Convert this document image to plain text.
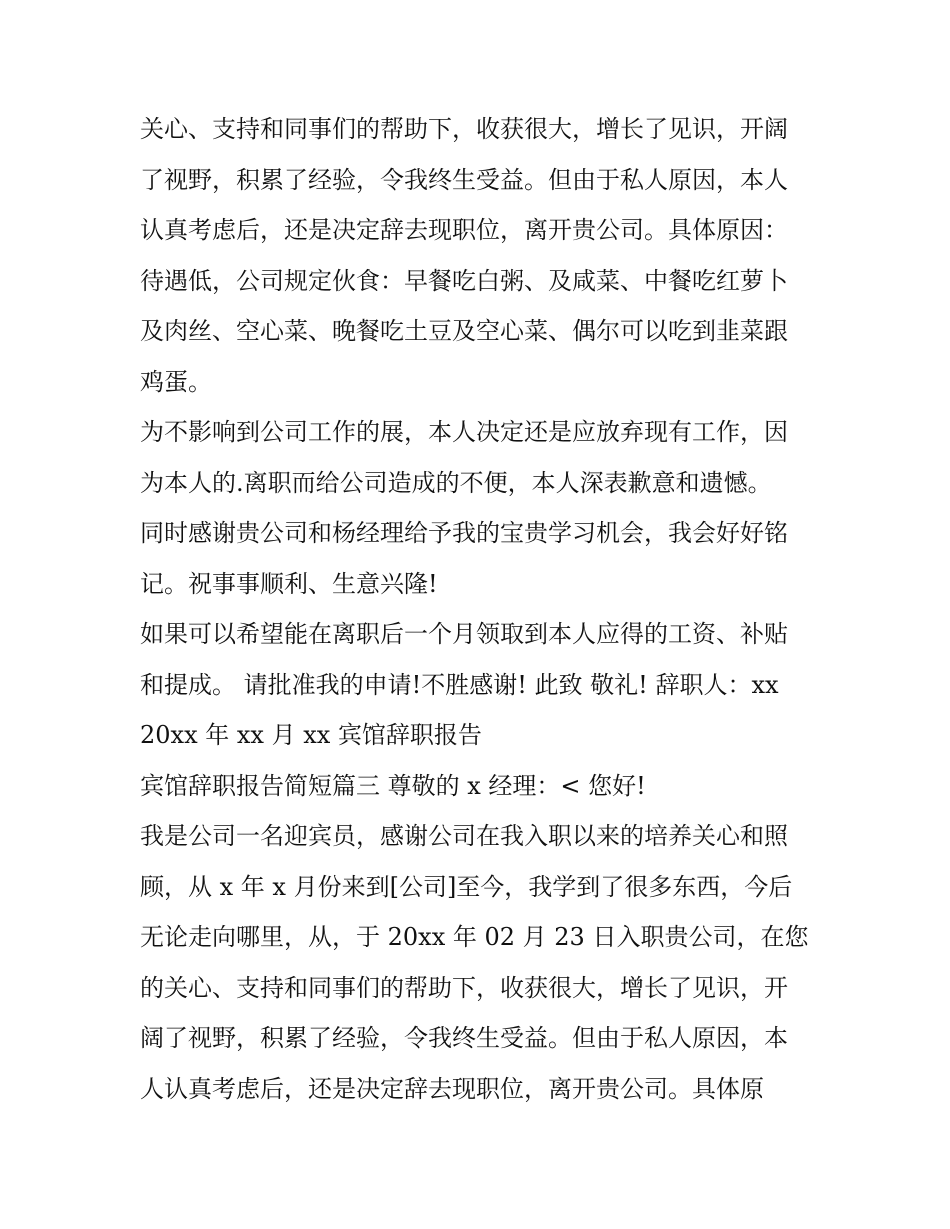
关心、支持和同事们的帮助下，收获很大，增长了见识，开阔
了视野，积累了经验，令我终生受益。但由于私人原因，本人
认真考虑后，还是决定辞去现职位，离开贵公司。具体原因：
待遇低，公司规定伙食：早餐吃白粥、及咸菜、中餐吃红萝卜
及肉丝、空心菜、晚餐吃土豆及空心菜、偶尔可以吃到韭菜跟
鸡蛋。
为不影响到公司工作的展，本人决定还是应放弃现有工作，因
为本人的.离职而给公司造成的不便，本人深表歉意和遗憾。
同时感谢贵公司和杨经理给予我的宝贵学习机会，我会好好铭
记。祝事事顺利、生意兴隆!
如果可以希望能在离职后一个月领取到本人应得的工资、补贴
和提成。 请批准我的申请!不胜感谢! 此致 敬礼! 辞职人：xx
20xx 年 xx 月 xx 宾馆辞职报告
宾馆辞职报告简短篇三 尊敬的 x 经理：< 您好!
我是公司一名迎宾员，感谢公司在我入职以来的培养关心和照
顾，从 x 年 x 月份来到[公司]至今，我学到了很多东西，今后
无论走向哪里，从，于 20xx 年 02 月 23 日入职贵公司，在您
的关心、支持和同事们的帮助下，收获很大，增长了见识，开
阔了视野，积累了经验，令我终生受益。但由于私人原因，本
人认真考虑后，还是决定辞去现职位，离开贵公司。具体原
